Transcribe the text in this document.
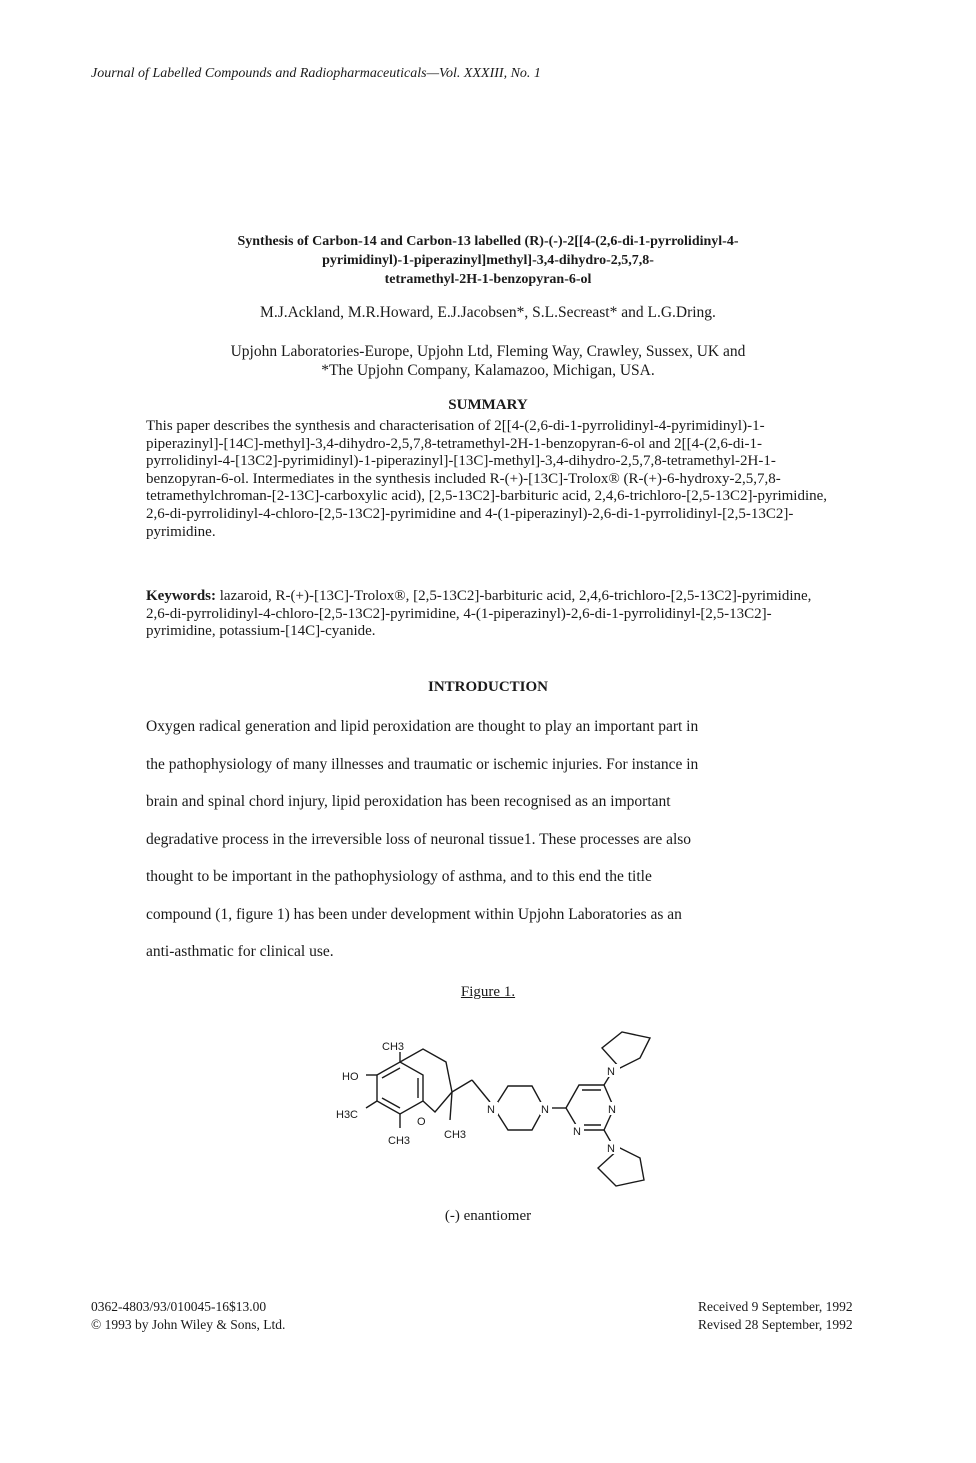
Journal of Labelled Compounds and Radiopharmaceuticals—Vol. XXXIII, No. 1
Synthesis of Carbon-14 and Carbon-13 labelled (R)-(-)-2[[4-(2,6-di-1-pyrrolidinyl-4-
pyrimidinyl)-1-piperazinyl]methyl]-3,4-dihydro-2,5,7,8-
tetramethyl-2H-1-benzopyran-6-ol
M.J.Ackland, M.R.Howard, E.J.Jacobsen*, S.L.Secreast* and L.G.Dring.
Upjohn Laboratories-Europe, Upjohn Ltd, Fleming Way, Crawley, Sussex, UK and
*The Upjohn Company, Kalamazoo, Michigan, USA.
SUMMARY
This paper describes the synthesis and characterisation of 2[[4-(2,6-di-1-pyrrolidinyl-4-pyrimidinyl)-1-piperazinyl]-[14C]-methyl]-3,4-dihydro-2,5,7,8-tetramethyl-2H-1-benzopyran-6-ol and 2[[4-(2,6-di-1-pyrrolidinyl-4-[13C2]-pyrimidinyl)-1-piperazinyl]-[13C]-methyl]-3,4-dihydro-2,5,7,8-tetramethyl-2H-1-benzopyran-6-ol. Intermediates in the synthesis included R-(+)-[13C]-Trolox® (R-(+)-6-hydroxy-2,5,7,8-tetramethylchroman-[2-13C]-carboxylic acid), [2,5-13C2]-barbituric acid, 2,4,6-trichloro-[2,5-13C2]-pyrimidine, 2,6-di-pyrrolidinyl-4-chloro-[2,5-13C2]-pyrimidine and 4-(1-piperazinyl)-2,6-di-1-pyrrolidinyl-[2,5-13C2]-pyrimidine.
Keywords: lazaroid, R-(+)-[13C]-Trolox®, [2,5-13C2]-barbituric acid, 2,4,6-trichloro-[2,5-13C2]-pyrimidine, 2,6-di-pyrrolidinyl-4-chloro-[2,5-13C2]-pyrimidine, 4-(1-piperazinyl)-2,6-di-1-pyrrolidinyl-[2,5-13C2]-pyrimidine, potassium-[14C]-cyanide.
INTRODUCTION

Oxygen radical generation and lipid peroxidation are thought to play an important part in

the pathophysiology of many illnesses and traumatic or ischemic injuries. For instance in

brain and spinal chord injury, lipid peroxidation has been recognised as an important

degradative process in the irreversible loss of neuronal tissue1. These processes are also

thought to be important in the pathophysiology of asthma, and to this end the title

compound (1, figure 1) has been under development within Upjohn Laboratories as an

anti-asthmatic for clinical use.

Figure 1.
CH3
HO
H3C
CH3
O
CH3
N	N	N
N
N
N
(-) enantiomer
0362-4803/93/010045-16$13.00
© 1993 by John Wiley & Sons, Ltd.
Received 9 September, 1992
Revised 28 September, 1992
